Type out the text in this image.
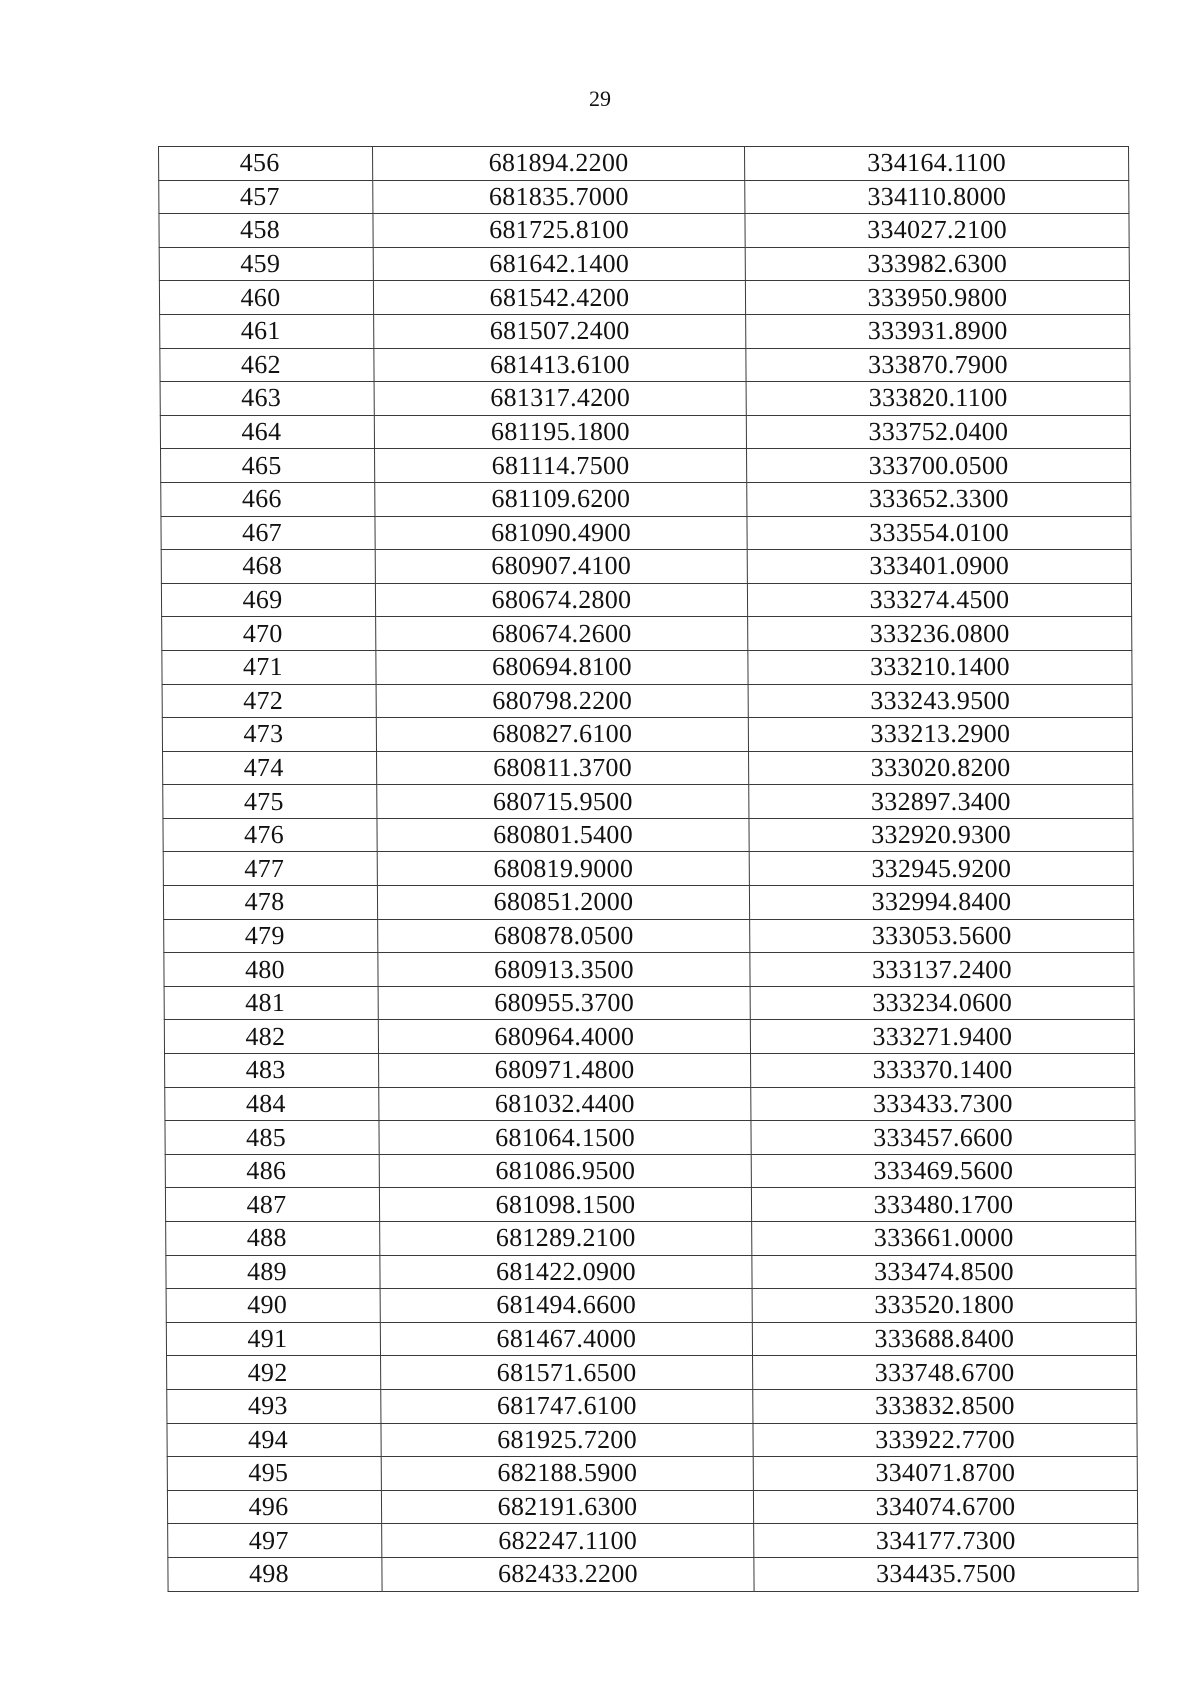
29
456	681894.2200	334164.1100
457	681835.7000	334110.8000
458	681725.8100	334027.2100
459	681642.1400	333982.6300
460	681542.4200	333950.9800
461	681507.2400	333931.8900
462	681413.6100	333870.7900
463	681317.4200	333820.1100
464	681195.1800	333752.0400
465	681114.7500	333700.0500
466	681109.6200	333652.3300
467	681090.4900	333554.0100
468	680907.4100	333401.0900
469	680674.2800	333274.4500
470	680674.2600	333236.0800
471	680694.8100	333210.1400
472	680798.2200	333243.9500
473	680827.6100	333213.2900
474	680811.3700	333020.8200
475	680715.9500	332897.3400
476	680801.5400	332920.9300
477	680819.9000	332945.9200
478	680851.2000	332994.8400
479	680878.0500	333053.5600
480	680913.3500	333137.2400
481	680955.3700	333234.0600
482	680964.4000	333271.9400
483	680971.4800	333370.1400
484	681032.4400	333433.7300
485	681064.1500	333457.6600
486	681086.9500	333469.5600
487	681098.1500	333480.1700
488	681289.2100	333661.0000
489	681422.0900	333474.8500
490	681494.6600	333520.1800
491	681467.4000	333688.8400
492	681571.6500	333748.6700
493	681747.6100	333832.8500
494	681925.7200	333922.7700
495	682188.5900	334071.8700
496	682191.6300	334074.6700
497	682247.1100	334177.7300
498	682433.2200	334435.7500
